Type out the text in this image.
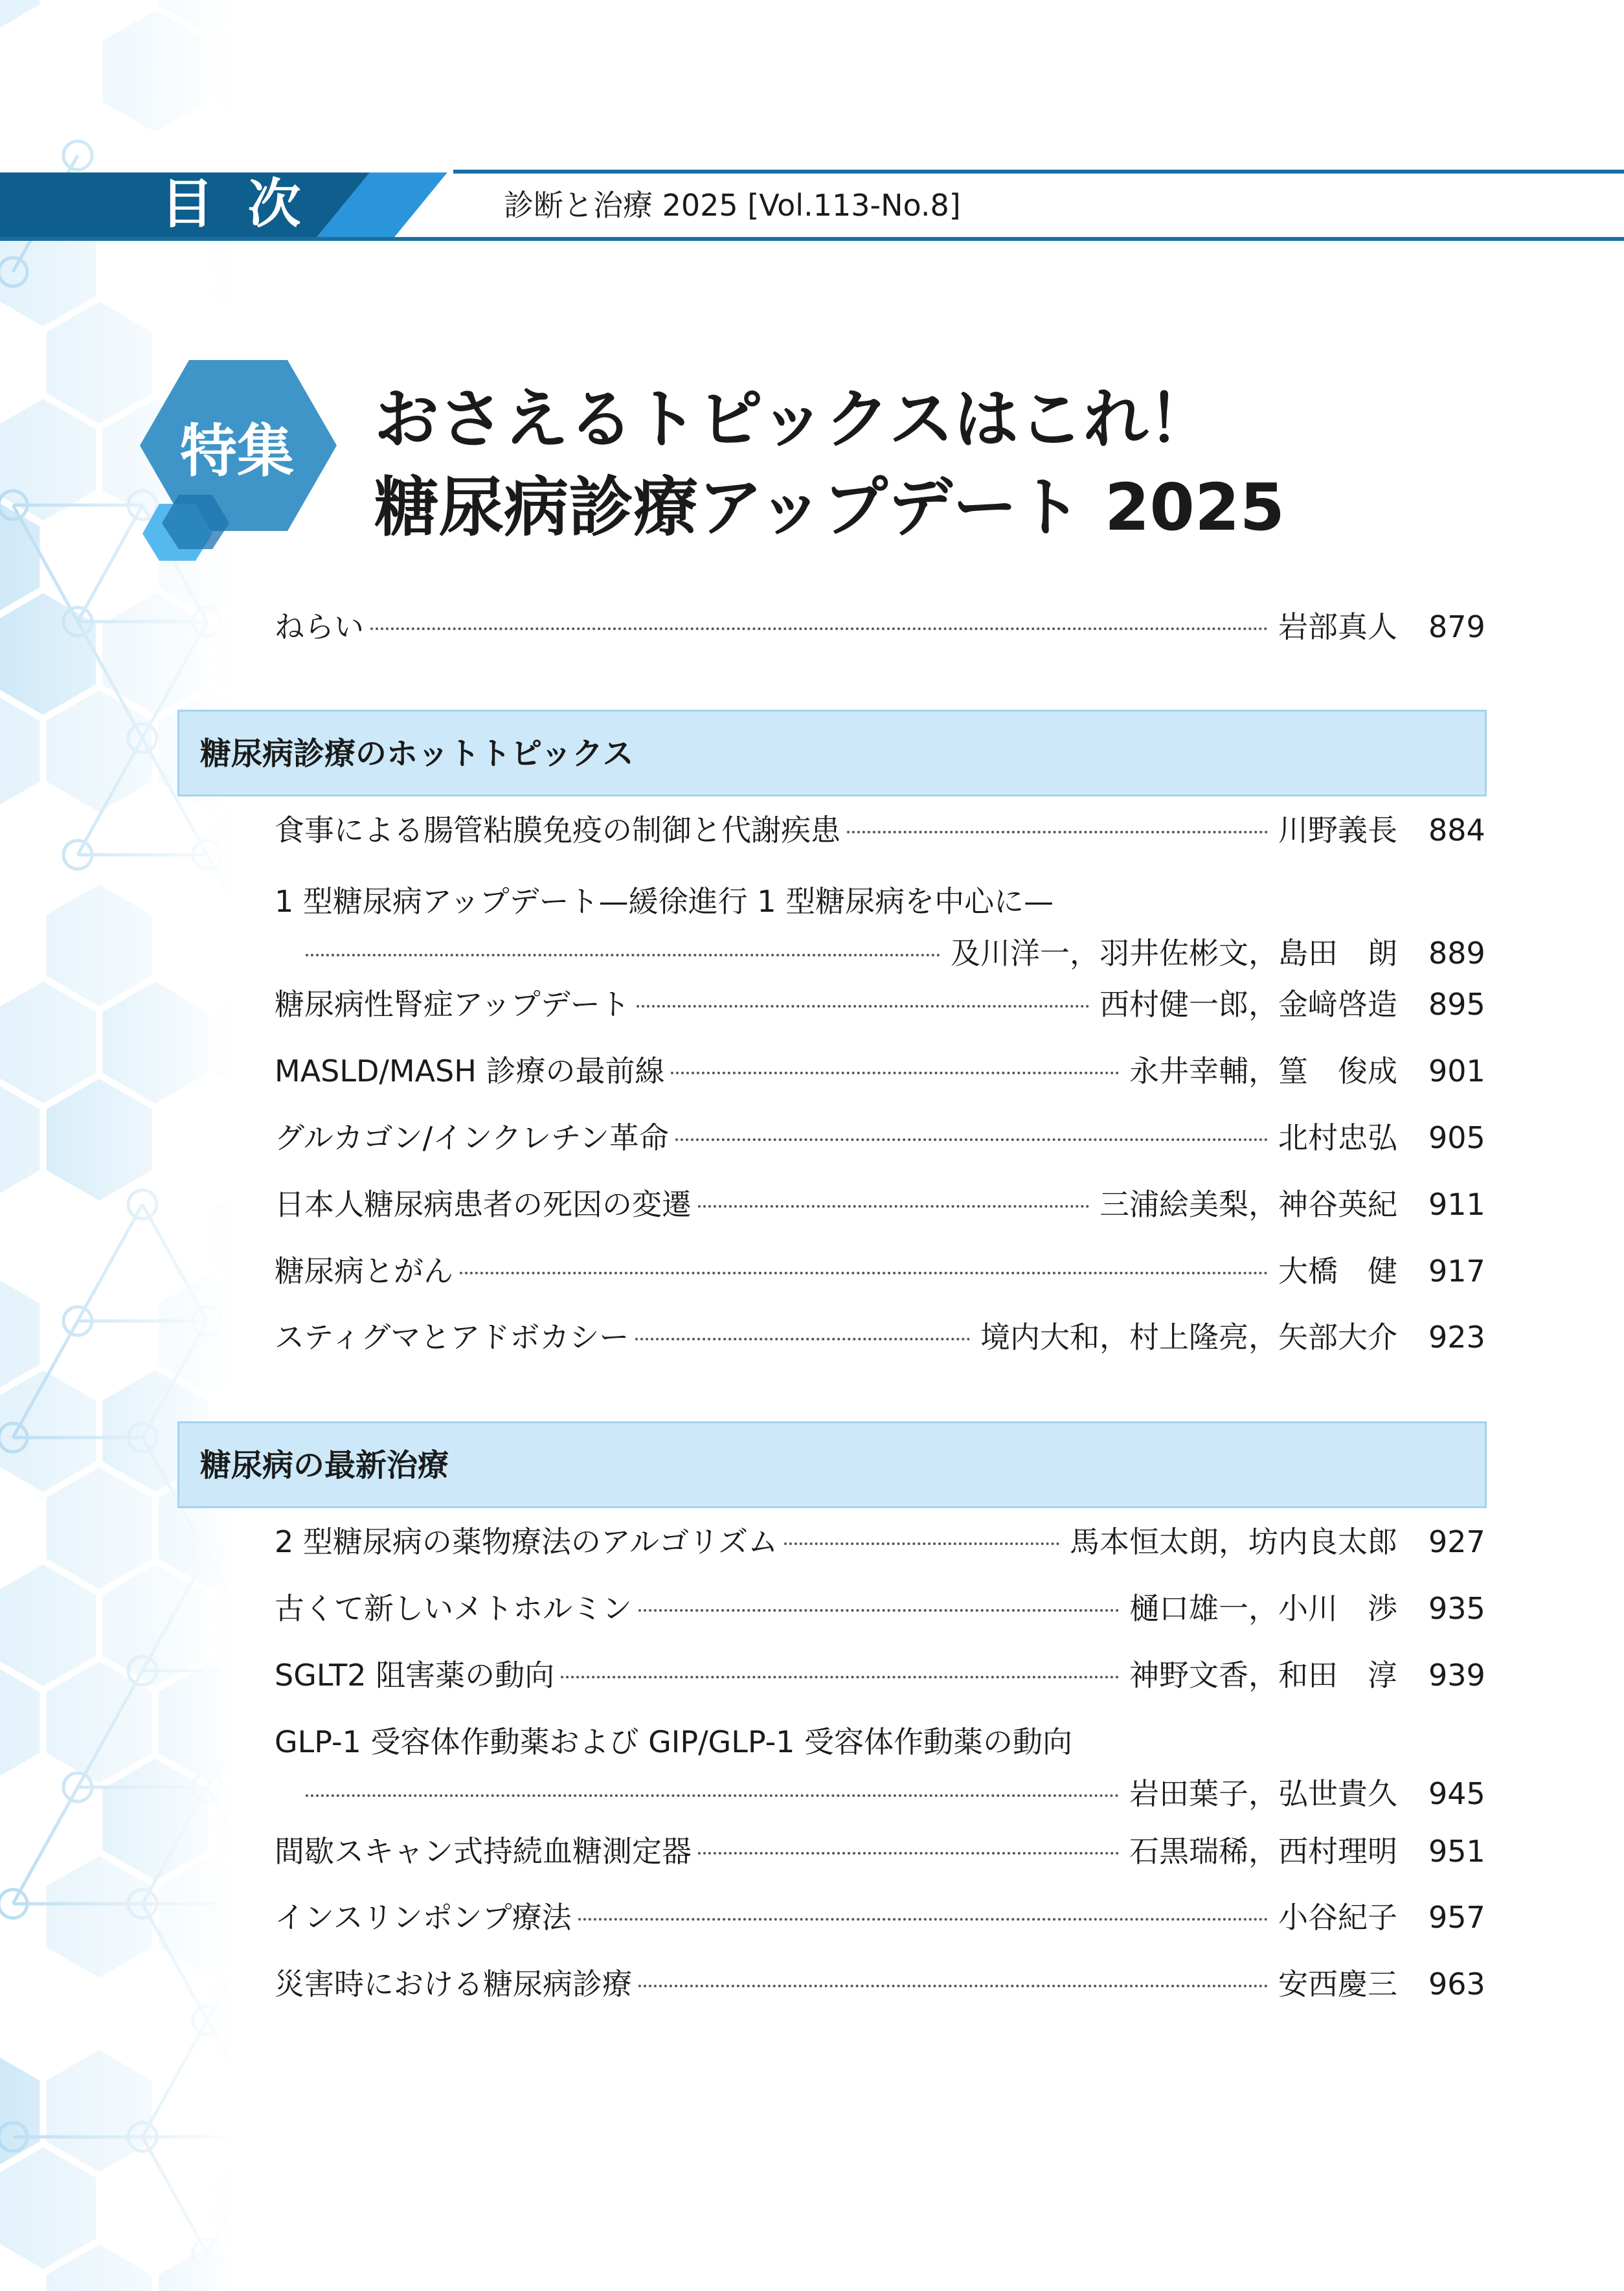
目 次	診断と治療 2025 [Vol.113-No.8]
特集	おさえるトピックスはこれ！
糖尿病診療アップデート 2025
ねらい	岩部真人 879
糖尿病診療のホットトピックス
食事による腸管粘膜免疫の制御と代謝疾患	川野義長 884
1 型糖尿病アップデート—緩徐進行 1 型糖尿病を中心に—
及川洋一，羽井佐彬文，島田　朗 889
糖尿病性腎症アップデート	西村健一郎，金﨑啓造 895
MASLD/MASH 診療の最前線	永井幸輔，篁　俊成 901
グルカゴン/インクレチン革命	北村忠弘 905
日本人糖尿病患者の死因の変遷	三浦絵美梨，神谷英紀 911
糖尿病とがん	大橋　健 917
スティグマとアドボカシー	境内大和，村上隆亮，矢部大介 923
糖尿病の最新治療
2 型糖尿病の薬物療法のアルゴリズム	馬本恒太朗，坊内良太郎 927
古くて新しいメトホルミン	樋口雄一，小川　渉 935
SGLT2 阻害薬の動向	神野文香，和田　淳 939
GLP-1 受容体作動薬および GIP/GLP-1 受容体作動薬の動向
岩田葉子，弘世貴久 945
間歇スキャン式持続血糖測定器	石黒瑞稀，西村理明 951
インスリンポンプ療法	小谷紀子 957
災害時における糖尿病診療	安西慶三 963
